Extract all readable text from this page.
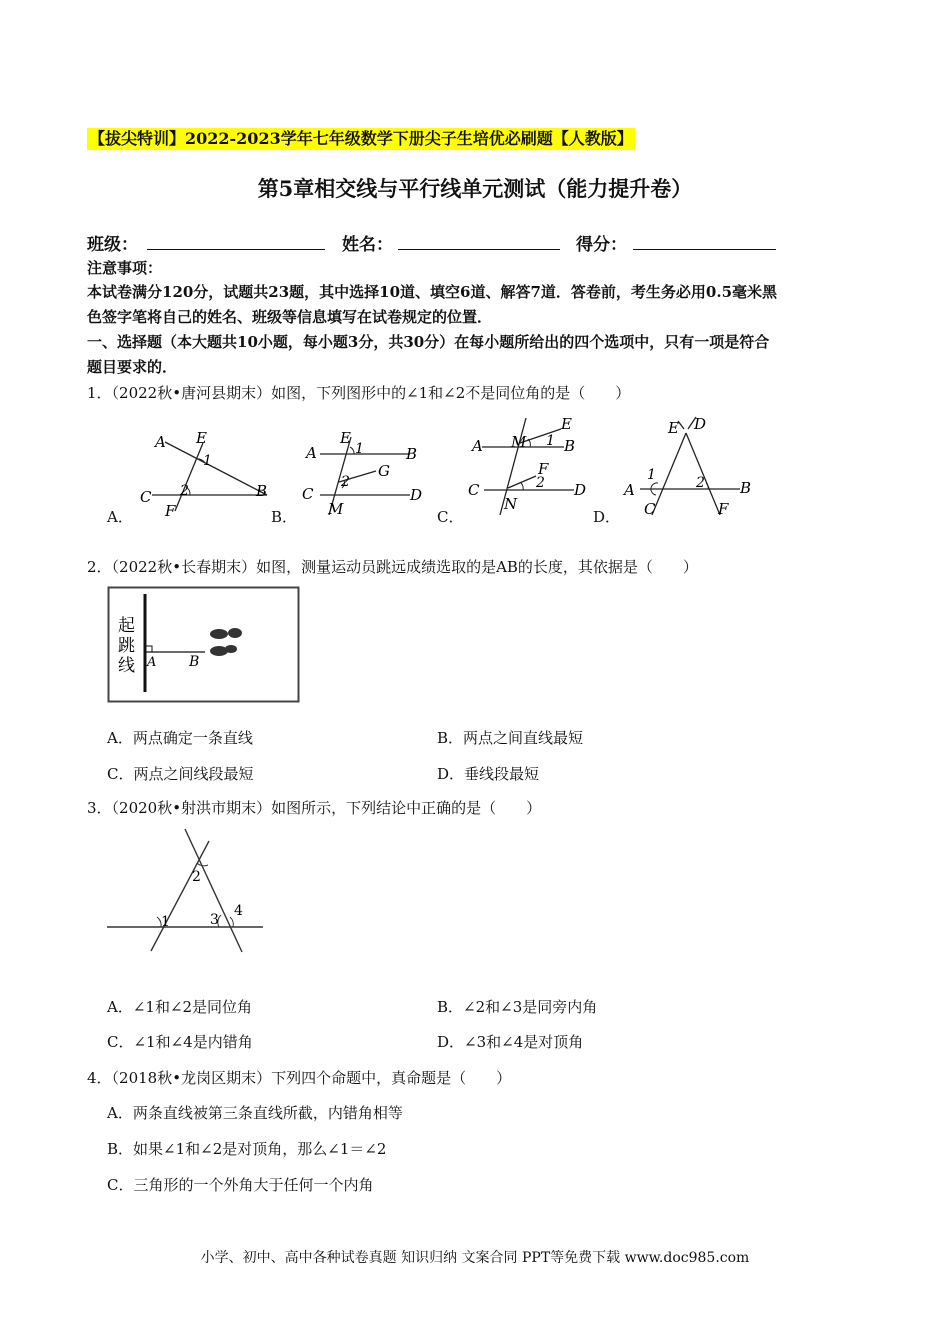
【拔尖特训】2022-2023学年七年级数学下册尖子生培优必刷题【人教版】
第5章相交线与平行线单元测试（能力提升卷）
班级：	姓名：	得分：
注意事项：
本试卷满分120分，试题共23题，其中选择10道、填空6道、解答7道．答卷前，考生务必用0.5毫米黑
色签字笔将自己的姓名、班级等信息填写在试卷规定的位置．
一、选择题（本大题共10小题，每小题3分，共30分）在每小题所给出的四个选项中，只有一项是符合
题目要求的．
1．（2022秋•唐河县期末）如图，下列图形中的∠1和∠2不是同位角的是（　　）
A．
A E
1
2
C
F
B
B．
E
1
A	B
G
2
C	D
M	C．
E
A M 1 B
F
2
C	D
N
D．
E D
1	2
A	B
C	F
2．（2022秋•长春期末）如图，测量运动员跳远成绩选取的是AB的长度，其依据是（　　）
起
跳
线 A B
A．两点确定一条直线	B．两点之间直线最短
C．两点之间线段最短	D．垂线段最短
3．（2020秋•射洪市期末）如图所示，下列结论中正确的是（　　）
1
2
3
4
A．∠1和∠2是同位角	B．∠2和∠3是同旁内角
C．∠1和∠4是内错角	D．∠3和∠4是对顶角
4．（2018秋•龙岗区期末）下列四个命题中，真命题是（　　）
A．两条直线被第三条直线所截，内错角相等
B．如果∠1和∠2是对顶角，那么∠1＝∠2
C．三角形的一个外角大于任何一个内角
小学、初中、高中各种试卷真题 知识归纳 文案合同 PPT等免费下载 www.doc985.com
